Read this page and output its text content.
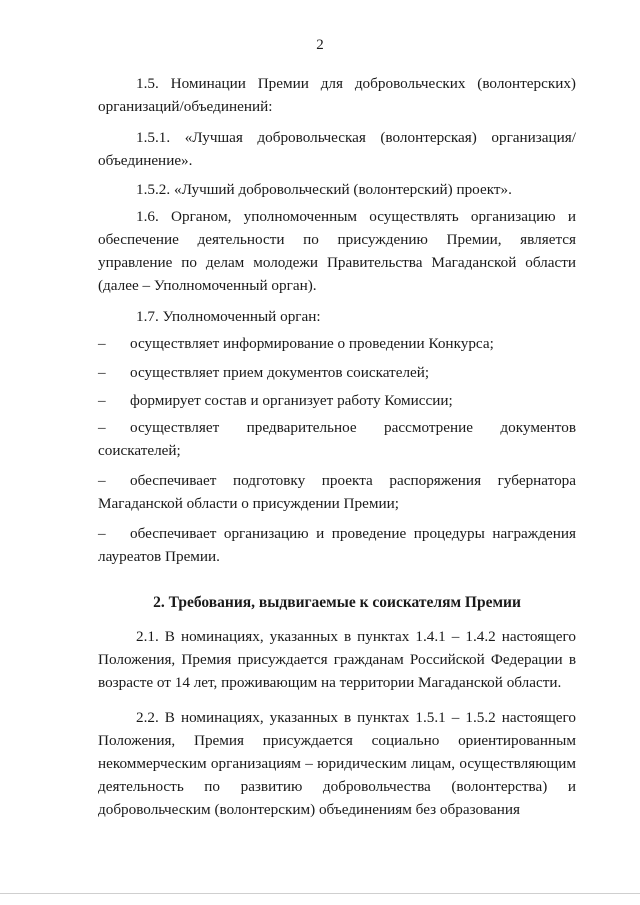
2

1.5. Номинации Премии для добровольческих (волонтерских) организаций/объединений:

1.5.1. «Лучшая добровольческая (волонтерская) организация/ объединение».

1.5.2. «Лучший добровольческий (волонтерский) проект».

1.6. Органом, уполномоченным осуществлять организацию и обеспечение деятельности по присуждению Премии, является управление по делам молодежи Правительства Магаданской области (далее – Уполномоченный орган).

1.7. Уполномоченный орган:

– осуществляет информирование о проведении Конкурса;

– осуществляет прием документов соискателей;

– формирует состав и организует работу Комиссии;

– осуществляет предварительное рассмотрение документов соискателей;

– обеспечивает подготовку проекта распоряжения губернатора Магаданской области о присуждении Премии;

– обеспечивает организацию и проведение процедуры награждения лауреатов Премии.

2. Требования, выдвигаемые к соискателям Премии

2.1. В номинациях, указанных в пунктах 1.4.1 – 1.4.2 настоящего Положения, Премия присуждается гражданам Российской Федерации в возрасте от 14 лет, проживающим на территории Магаданской области.

2.2. В номинациях, указанных в пунктах 1.5.1 – 1.5.2 настоящего Положения, Премия присуждается социально ориентированным некоммерческим организациям – юридическим лицам, осуществляющим деятельность по развитию добровольчества (волонтерства) и добровольческим (волонтерским) объединениям без образования
